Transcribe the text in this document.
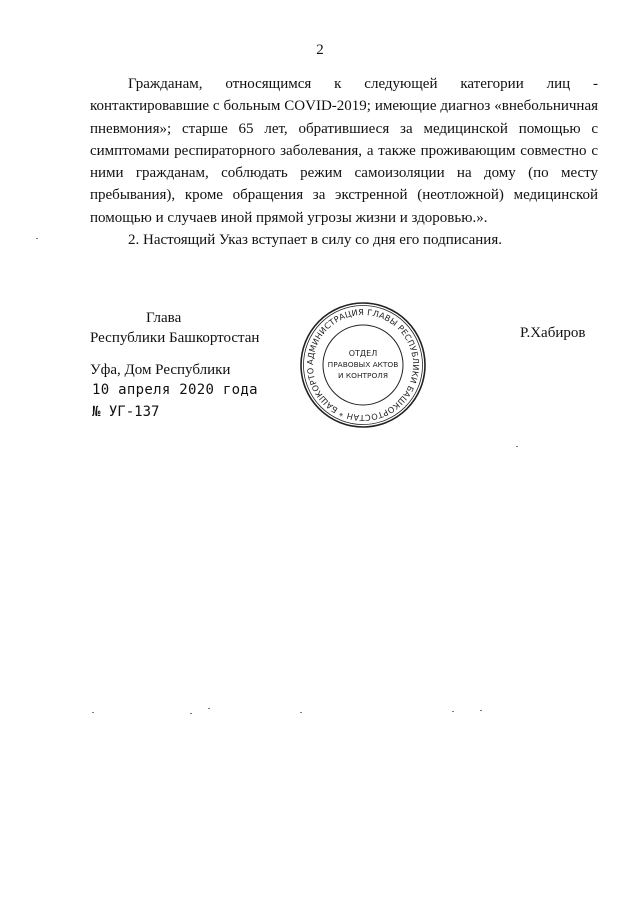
2

Гражданам, относящимся к следующей категории лиц - контактировавшие с больным COVID-2019; имеющие диагноз «внебольничная пневмония»; старше 65 лет, обратившиеся за медицинской помощью с симптомами респираторного заболевания, а также проживающим совместно с ними гражданам, соблюдать режим самоизоляции на дому (по месту пребывания), кроме обращения за экстренной (неотложной) медицинской помощью и случаев иной прямой угрозы жизни и здоровью.».

2. Настоящий Указ вступает в силу со дня его подписания.

Глава
Республики Башкортостан	Р.Хабиров
Уфа, Дом Республики
10 апреля 2020 года
№ УГ-137
АДМИНИСТРАЦИЯ ГЛАВЫ РЕСПУБЛИКИ БАШКОРТОСТАН * БАШКОРТО
ОТДЕЛ
ПРАВОВЫХ АКТОВ
И КОНТРОЛЯ
